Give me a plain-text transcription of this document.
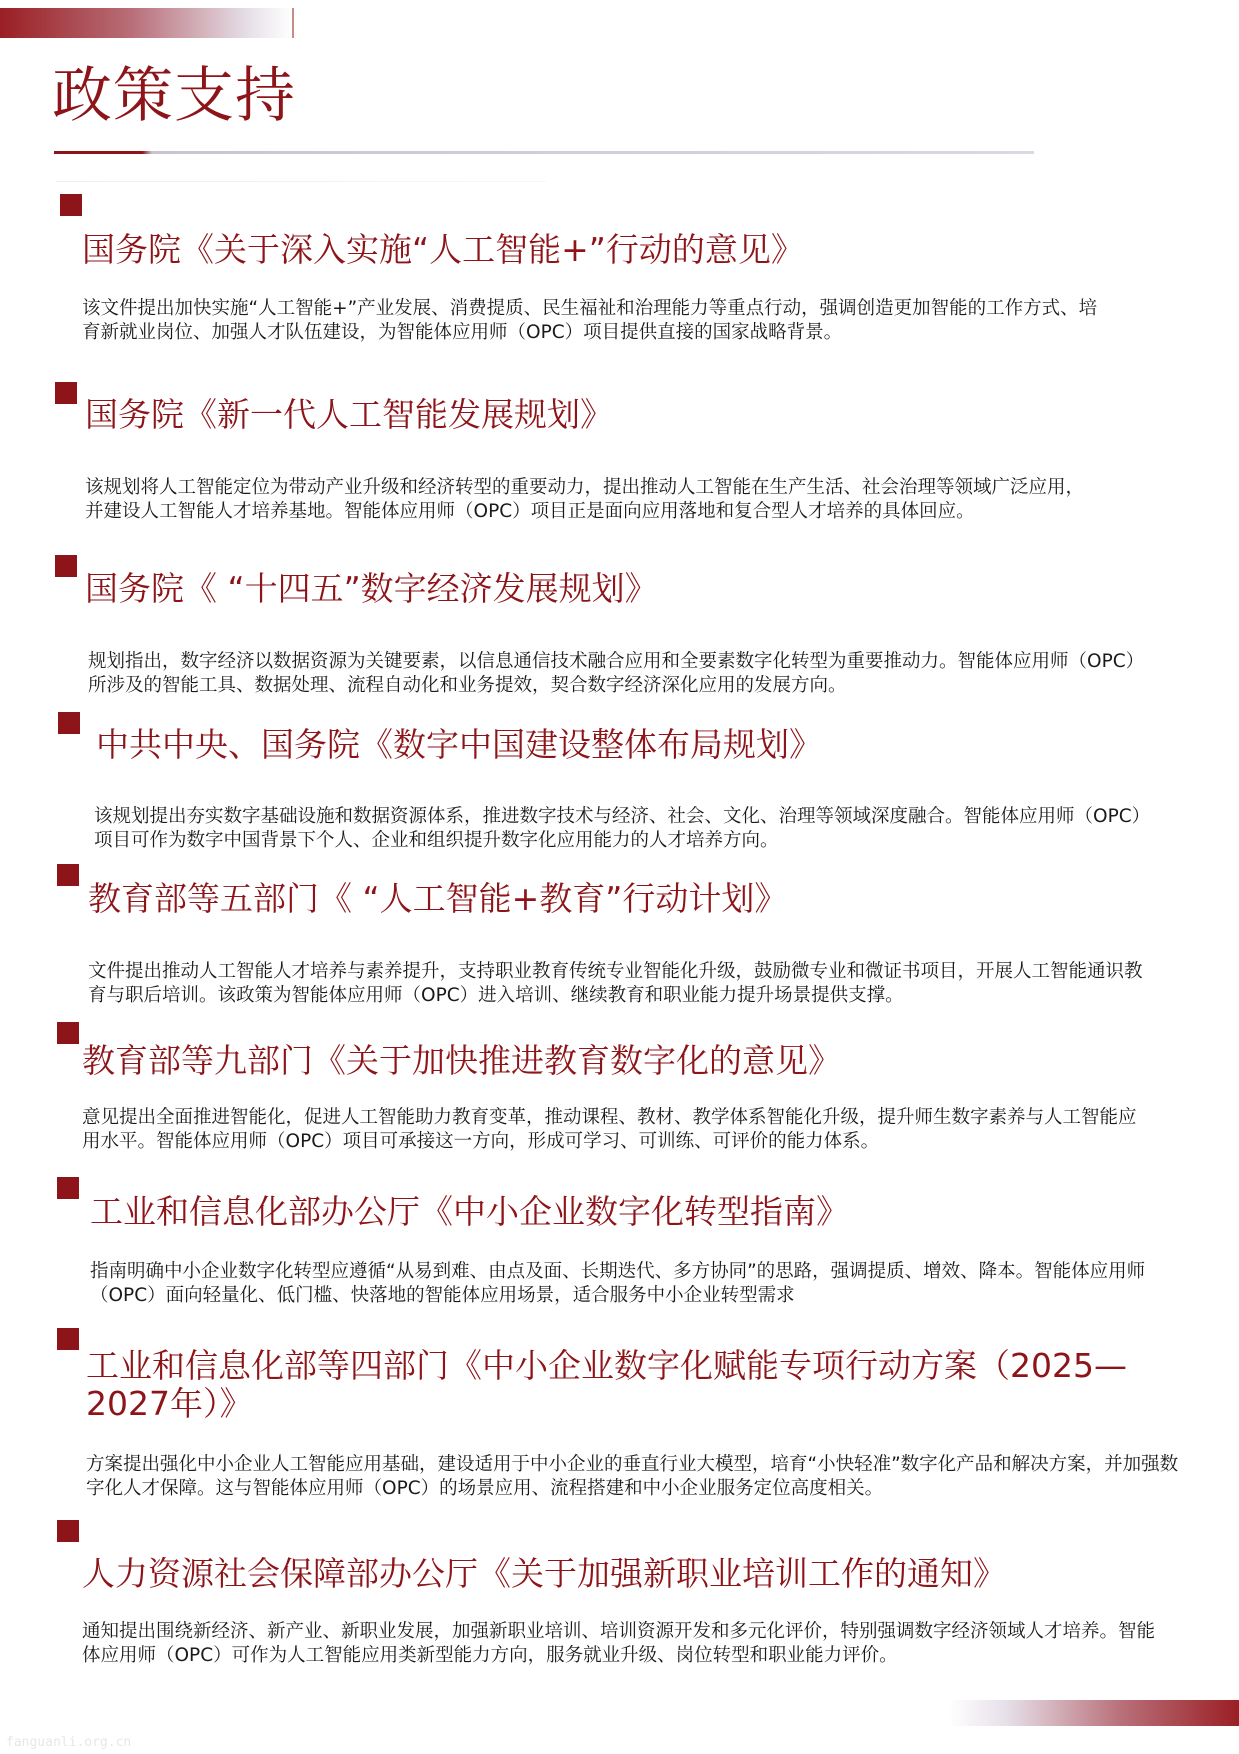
政策支持
国务院《关于深入实施“人工智能+”行动的意见》

该文件提出加快实施“人工智能+”产业发展、消费提质、民生福祉和治理能力等重点行动，强调创造更加智能的工作方式、培育新就业岗位、加强人才队伍建设，为智能体应用师（OPC）项目提供直接的国家战略背景。

国务院《新一代人工智能发展规划》

该规划将人工智能定位为带动产业升级和经济转型的重要动力，提出推动人工智能在生产生活、社会治理等领域广泛应用，并建设人工智能人才培养基地。智能体应用师（OPC）项目正是面向应用落地和复合型人才培养的具体回应。

国务院《 “十四五”数字经济发展规划》

规划指出，数字经济以数据资源为关键要素，以信息通信技术融合应用和全要素数字化转型为重要推动力。智能体应用师（OPC）所涉及的智能工具、数据处理、流程自动化和业务提效，契合数字经济深化应用的发展方向。

中共中央、国务院《数字中国建设整体布局规划》

该规划提出夯实数字基础设施和数据资源体系，推进数字技术与经济、社会、文化、治理等领域深度融合。智能体应用师（OPC）项目可作为数字中国背景下个人、企业和组织提升数字化应用能力的人才培养方向。

教育部等五部门《 “人工智能+教育”行动计划》

文件提出推动人工智能人才培养与素养提升，支持职业教育传统专业智能化升级，鼓励微专业和微证书项目，开展人工智能通识教育与职后培训。该政策为智能体应用师（OPC）进入培训、继续教育和职业能力提升场景提供支撑。

教育部等九部门《关于加快推进教育数字化的意见》

意见提出全面推进智能化，促进人工智能助力教育变革，推动课程、教材、教学体系智能化升级，提升师生数字素养与人工智能应用水平。智能体应用师（OPC）项目可承接这一方向，形成可学习、可训练、可评价的能力体系。

工业和信息化部办公厅《中小企业数字化转型指南》

指南明确中小企业数字化转型应遵循“从易到难、由点及面、长期迭代、多方协同”的思路，强调提质、增效、降本。智能体应用师（OPC）面向轻量化、低门槛、快落地的智能体应用场景，适合服务中小企业转型需求

工业和信息化部等四部门《中小企业数字化赋能专项行动方案（2025—2027年）》

方案提出强化中小企业人工智能应用基础，建设适用于中小企业的垂直行业大模型，培育“小快轻准”数字化产品和解决方案，并加强数字化人才保障。这与智能体应用师（OPC）的场景应用、流程搭建和中小企业服务定位高度相关。

人力资源社会保障部办公厅《关于加强新职业培训工作的通知》

通知提出围绕新经济、新产业、新职业发展，加强新职业培训、培训资源开发和多元化评价，特别强调数字经济领域人才培养。智能体应用师（OPC）可作为人工智能应用类新型能力方向，服务就业升级、岗位转型和职业能力评价。

fanguanli.org.cn
